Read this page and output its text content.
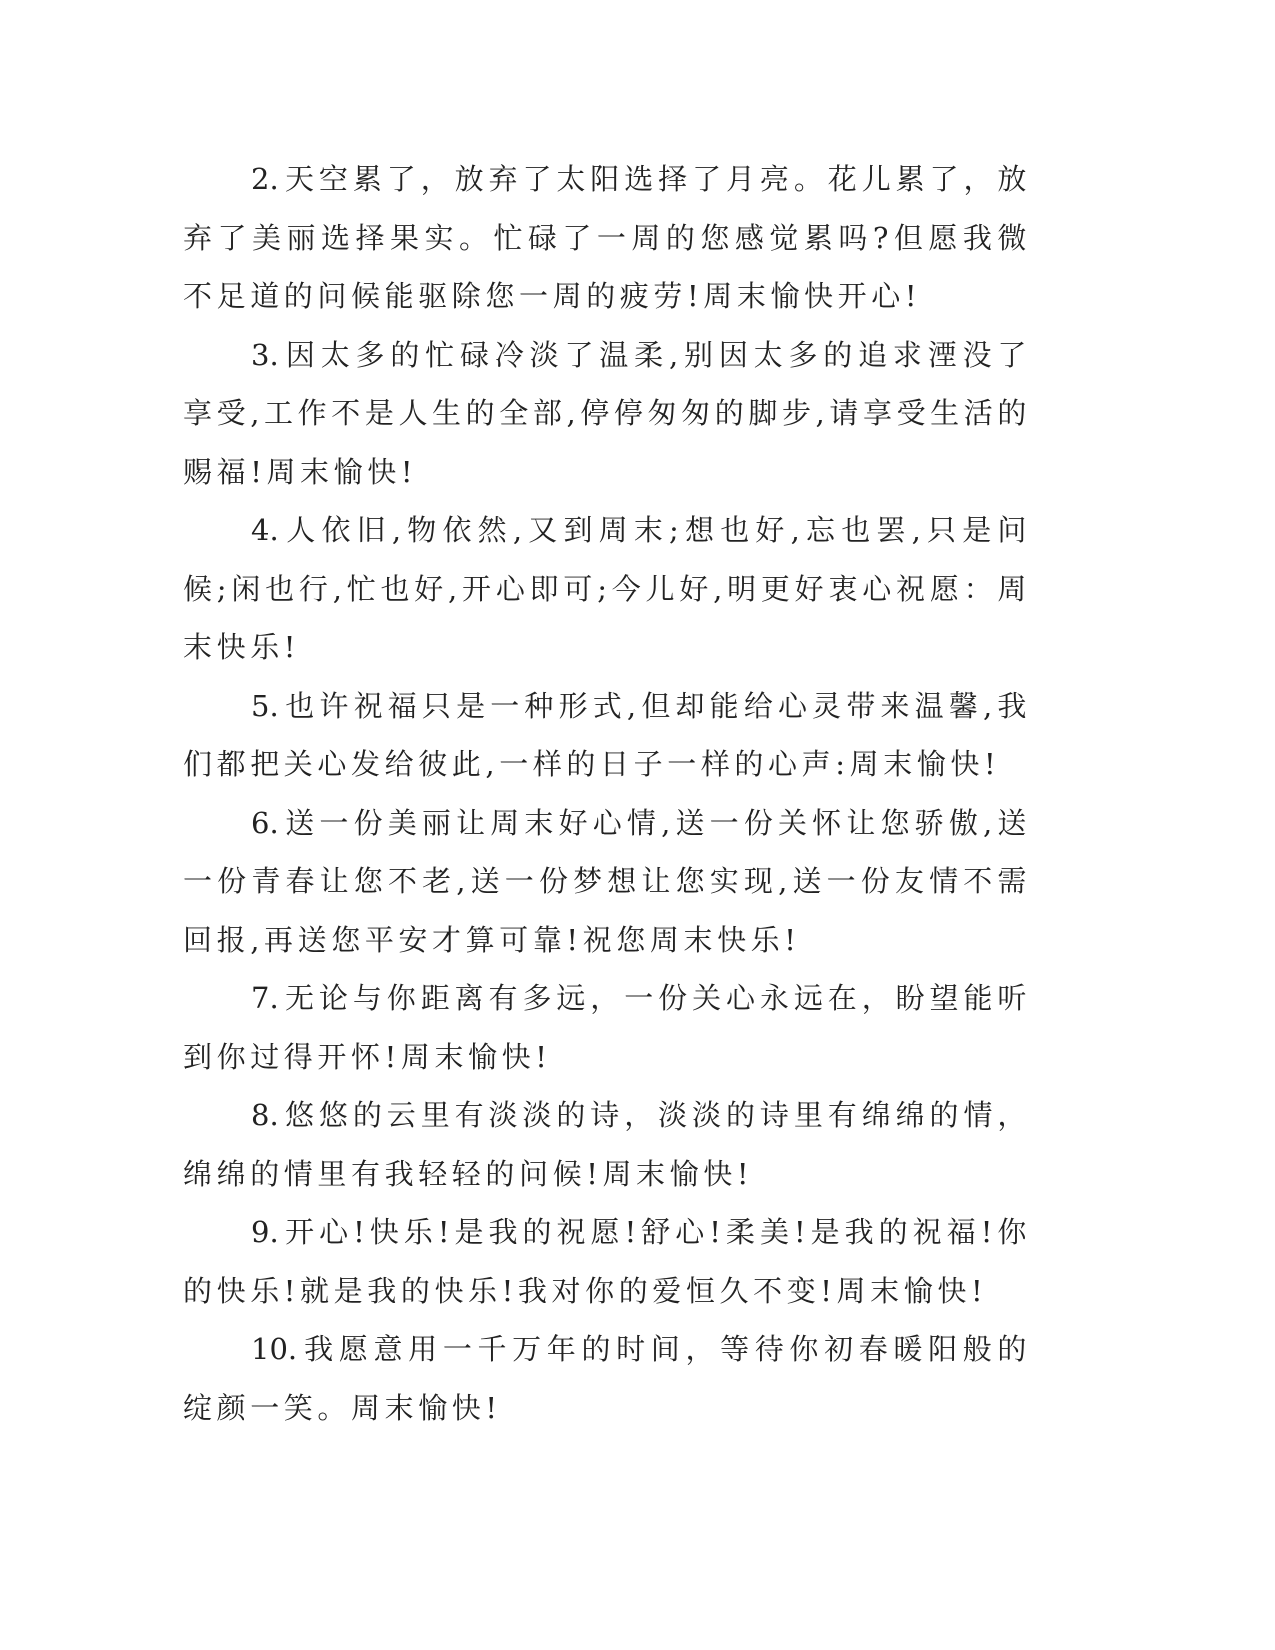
2. 天空累了，放弃了太阳选择了月亮。花儿累了，放弃了美丽选择果实。忙碌了一周的您感觉累吗?但愿我微不足道的问候能驱除您一周的疲劳!周末愉快开心!

3. 因太多的忙碌冷淡了温柔,别因太多的追求湮没了享受,工作不是人生的全部,停停匆匆的脚步,请享受生活的赐福!周末愉快!

4. 人依旧,物依然,又到周末;想也好,忘也罢,只是问候;闲也行,忙也好,开心即可;今儿好,明更好衷心祝愿：周末快乐!

5. 也许祝福只是一种形式,但却能给心灵带来温馨,我们都把关心发给彼此,一样的日子一样的心声:周末愉快!

6. 送一份美丽让周末好心情,送一份关怀让您骄傲,送一份青春让您不老,送一份梦想让您实现,送一份友情不需回报,再送您平安才算可靠!祝您周末快乐!

7. 无论与你距离有多远，一份关心永远在，盼望能听到你过得开怀!周末愉快!

8. 悠悠的云里有淡淡的诗，淡淡的诗里有绵绵的情，绵绵的情里有我轻轻的问候!周末愉快!

9. 开心!快乐!是我的祝愿!舒心!柔美!是我的祝福!你的快乐!就是我的快乐!我对你的爱恒久不变!周末愉快!

10. 我愿意用一千万年的时间，等待你初春暖阳般的绽颜一笑。周末愉快!
